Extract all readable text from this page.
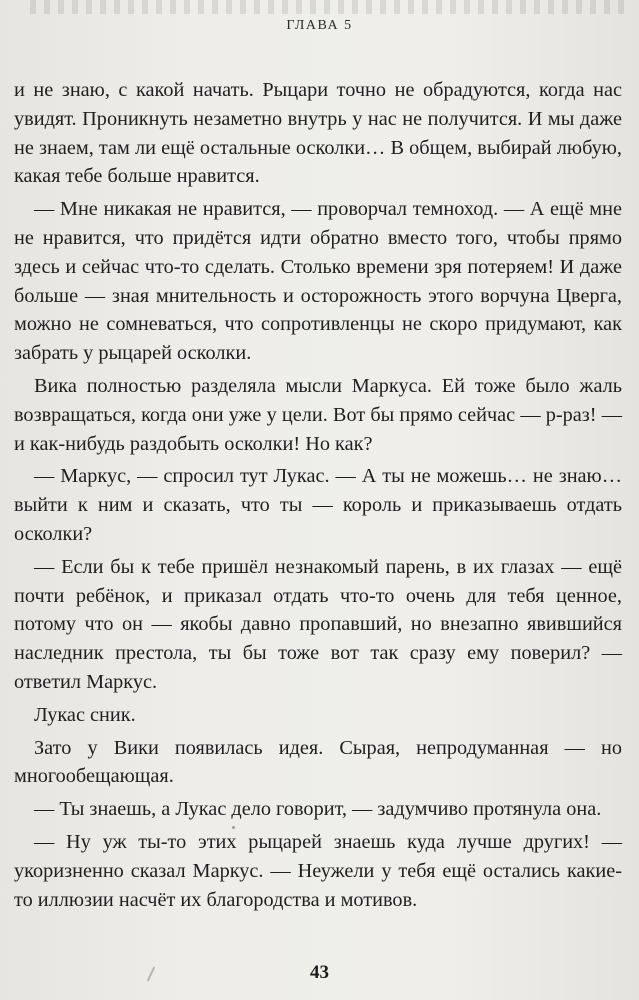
ГЛАВА 5

и не знаю, с какой начать. Рыцари точно не обрадуются, когда нас увидят. Проникнуть незаметно внутрь у нас не получится. И мы даже не знаем, там ли ещё остальные осколки… В общем, выбирай любую, какая тебе больше нравится.

— Мне никакая не нравится, — проворчал темноход. — А ещё мне не нравится, что придётся идти обратно вместо того, чтобы прямо здесь и сейчас что-то сделать. Столько времени зря потеряем! И даже больше — зная мнительность и осторожность этого ворчуна Цверга, можно не сомневаться, что сопротивленцы не скоро придумают, как забрать у рыцарей осколки.

Вика полностью разделяла мысли Маркуса. Ей тоже было жаль возвращаться, когда они уже у цели. Вот бы прямо сейчас — р-раз! — и как-нибудь раздобыть осколки! Но как?

— Маркус, — спросил тут Лукас. — А ты не можешь… не знаю… выйти к ним и сказать, что ты — король и приказываешь отдать осколки?

— Если бы к тебе пришёл незнакомый парень, в их глазах — ещё почти ребёнок, и приказал отдать что-то очень для тебя ценное, потому что он — якобы давно пропавший, но внезапно явившийся наследник престола, ты бы тоже вот так сразу ему поверил? — ответил Маркус.

Лукас сник.

Зато у Вики появилась идея. Сырая, непродуманная — но многообещающая.

— Ты знаешь, а Лукас дело говорит, — задумчиво протянула она.

— Ну уж ты-то этих рыцарей знаешь куда лучше других! — укоризненно сказал Маркус. — Неужели у тебя ещё остались какие-то иллюзии насчёт их благородства и мотивов.

43
